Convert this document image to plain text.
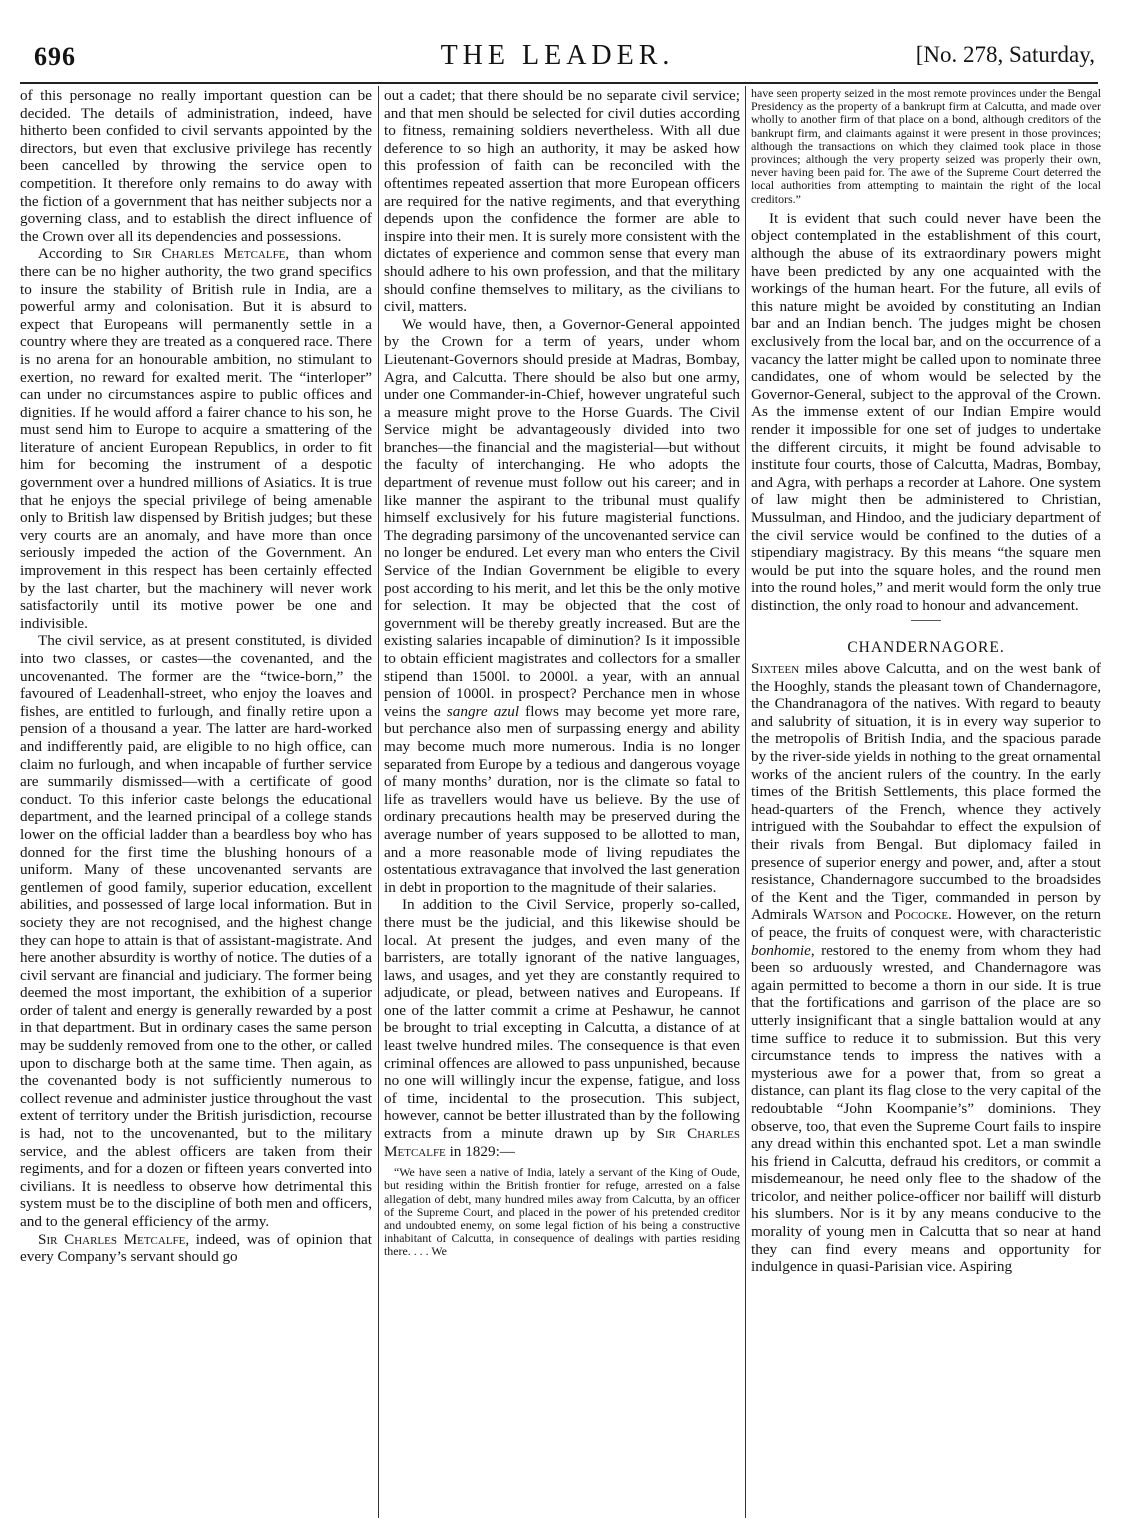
696	THE LEADER.	[No. 278, Saturday,

of this personage no really important question can be decided. The details of administration, indeed, have hitherto been confided to civil servants appointed by the directors, but even that exclusive privilege has recently been cancelled by throwing the service open to competition. It therefore only remains to do away with the fiction of a government that has neither subjects nor a governing class, and to establish the direct influence of the Crown over all its dependencies and possessions.

According to Sir Charles Metcalfe, than whom there can be no higher authority, the two grand specifics to insure the stability of British rule in India, are a powerful army and colonisation. But it is absurd to expect that Europeans will permanently settle in a country where they are treated as a conquered race. There is no arena for an honourable ambition, no stimulant to exertion, no reward for exalted merit. The “interloper” can under no circumstances aspire to public offices and dignities. If he would afford a fairer chance to his son, he must send him to Europe to acquire a smattering of the literature of ancient European Republics, in order to fit him for becoming the instrument of a despotic government over a hundred millions of Asiatics. It is true that he enjoys the special privilege of being amenable only to British law dispensed by British judges; but these very courts are an anomaly, and have more than once seriously impeded the action of the Government. An improvement in this respect has been certainly effected by the last charter, but the machinery will never work satisfactorily until its motive power be one and indivisible.

The civil service, as at present constituted, is divided into two classes, or castes—the covenanted, and the uncovenanted. The former are the “twice-born,” the favoured of Leadenhall-street, who enjoy the loaves and fishes, are entitled to furlough, and finally retire upon a pension of a thousand a year. The latter are hard-worked and indifferently paid, are eligible to no high office, can claim no furlough, and when incapable of further service are summarily dismissed—with a certificate of good conduct. To this inferior caste belongs the educational department, and the learned principal of a college stands lower on the official ladder than a beardless boy who has donned for the first time the blushing honours of a uniform. Many of these uncovenanted servants are gentlemen of good family, superior education, excellent abilities, and possessed of large local information. But in society they are not recognised, and the highest change they can hope to attain is that of assistant-magistrate. And here another absurdity is worthy of notice. The duties of a civil servant are financial and judiciary. The former being deemed the most important, the exhibition of a superior order of talent and energy is generally rewarded by a post in that department. But in ordinary cases the same person may be suddenly removed from one to the other, or called upon to discharge both at the same time. Then again, as the covenanted body is not sufficiently numerous to collect revenue and administer justice throughout the vast extent of territory under the British jurisdiction, recourse is had, not to the uncovenanted, but to the military service, and the ablest officers are taken from their regiments, and for a dozen or fifteen years converted into civilians. It is needless to observe how detrimental this system must be to the discipline of both men and officers, and to the general efficiency of the army.

Sir Charles Metcalfe, indeed, was of opinion that every Company’s servant should go

out a cadet; that there should be no separate civil service; and that men should be selected for civil duties according to fitness, remaining soldiers nevertheless. With all due deference to so high an authority, it may be asked how this profession of faith can be reconciled with the oftentimes repeated assertion that more European officers are required for the native regiments, and that everything depends upon the confidence the former are able to inspire into their men. It is surely more consistent with the dictates of experience and common sense that every man should adhere to his own profession, and that the military should confine themselves to military, as the civilians to civil, matters.

We would have, then, a Governor-General appointed by the Crown for a term of years, under whom Lieutenant-Governors should preside at Madras, Bombay, Agra, and Calcutta. There should be also but one army, under one Commander-in-Chief, however ungrateful such a measure might prove to the Horse Guards. The Civil Service might be advantageously divided into two branches—the financial and the magisterial—but without the faculty of interchanging. He who adopts the department of revenue must follow out his career; and in like manner the aspirant to the tribunal must qualify himself exclusively for his future magisterial functions. The degrading parsimony of the uncovenanted service can no longer be endured. Let every man who enters the Civil Service of the Indian Government be eligible to every post according to his merit, and let this be the only motive for selection. It may be objected that the cost of government will be thereby greatly increased. But are the existing salaries incapable of diminution? Is it impossible to obtain efficient magistrates and collectors for a smaller stipend than 1500l. to 2000l. a year, with an annual pension of 1000l. in prospect? Perchance men in whose veins the sangre azul flows may become yet more rare, but perchance also men of surpassing energy and ability may become much more numerous. India is no longer separated from Europe by a tedious and dangerous voyage of many months’ duration, nor is the climate so fatal to life as travellers would have us believe. By the use of ordinary precautions health may be preserved during the average number of years supposed to be allotted to man, and a more reasonable mode of living repudiates the ostentatious extravagance that involved the last generation in debt in proportion to the magnitude of their salaries.

In addition to the Civil Service, properly so-called, there must be the judicial, and this likewise should be local. At present the judges, and even many of the barristers, are totally ignorant of the native languages, laws, and usages, and yet they are constantly required to adjudicate, or plead, between natives and Europeans. If one of the latter commit a crime at Peshawur, he cannot be brought to trial excepting in Calcutta, a distance of at least twelve hundred miles. The consequence is that even criminal offences are allowed to pass unpunished, because no one will willingly incur the expense, fatigue, and loss of time, incidental to the prosecution. This subject, however, cannot be better illustrated than by the following extracts from a minute drawn up by Sir Charles Metcalfe in 1829:—

“We have seen a native of India, lately a servant of the King of Oude, but residing within the British frontier for refuge, arrested on a false allegation of debt, many hundred miles away from Calcutta, by an officer of the Supreme Court, and placed in the power of his pretended creditor and undoubted enemy, on some legal fiction of his being a constructive inhabitant of Calcutta, in consequence of dealings with parties residing there. . . . We

have seen property seized in the most remote provinces under the Bengal Presidency as the property of a bankrupt firm at Calcutta, and made over wholly to another firm of that place on a bond, although creditors of the bankrupt firm, and claimants against it were present in those provinces; although the transactions on which they claimed took place in those provinces; although the very property seized was properly their own, never having been paid for. The awe of the Supreme Court deterred the local authorities from attempting to maintain the right of the local creditors.”

It is evident that such could never have been the object contemplated in the establishment of this court, although the abuse of its extraordinary powers might have been predicted by any one acquainted with the workings of the human heart. For the future, all evils of this nature might be avoided by constituting an Indian bar and an Indian bench. The judges might be chosen exclusively from the local bar, and on the occurrence of a vacancy the latter might be called upon to nominate three candidates, one of whom would be selected by the Governor-General, subject to the approval of the Crown. As the immense extent of our Indian Empire would render it impossible for one set of judges to undertake the different circuits, it might be found advisable to institute four courts, those of Calcutta, Madras, Bombay, and Agra, with perhaps a recorder at Lahore. One system of law might then be administered to Christian, Mussulman, and Hindoo, and the judiciary department of the civil service would be confined to the duties of a stipendiary magistracy. By this means “the square men would be put into the square holes, and the round men into the round holes,” and merit would form the only true distinction, the only road to honour and advancement.

CHANDERNAGORE.

Sixteen miles above Calcutta, and on the west bank of the Hooghly, stands the pleasant town of Chandernagore, the Chandranagora of the natives. With regard to beauty and salubrity of situation, it is in every way superior to the metropolis of British India, and the spacious parade by the river-side yields in nothing to the great ornamental works of the ancient rulers of the country. In the early times of the British Settlements, this place formed the head-quarters of the French, whence they actively intrigued with the Soubahdar to effect the expulsion of their rivals from Bengal. But diplomacy failed in presence of superior energy and power, and, after a stout resistance, Chandernagore succumbed to the broadsides of the Kent and the Tiger, commanded in person by Admirals Watson and Pococke. However, on the return of peace, the fruits of conquest were, with characteristic bonhomie, restored to the enemy from whom they had been so arduously wrested, and Chandernagore was again permitted to become a thorn in our side. It is true that the fortifications and garrison of the place are so utterly insignificant that a single battalion would at any time suffice to reduce it to submission. But this very circumstance tends to impress the natives with a mysterious awe for a power that, from so great a distance, can plant its flag close to the very capital of the redoubtable “John Koompanie’s” dominions. They observe, too, that even the Supreme Court fails to inspire any dread within this enchanted spot. Let a man swindle his friend in Calcutta, defraud his creditors, or commit a misdemeanour, he need only flee to the shadow of the tricolor, and neither police-officer nor bailiff will disturb his slumbers. Nor is it by any means conducive to the morality of young men in Calcutta that so near at hand they can find every means and opportunity for indulgence in quasi-Parisian vice. Aspiring
